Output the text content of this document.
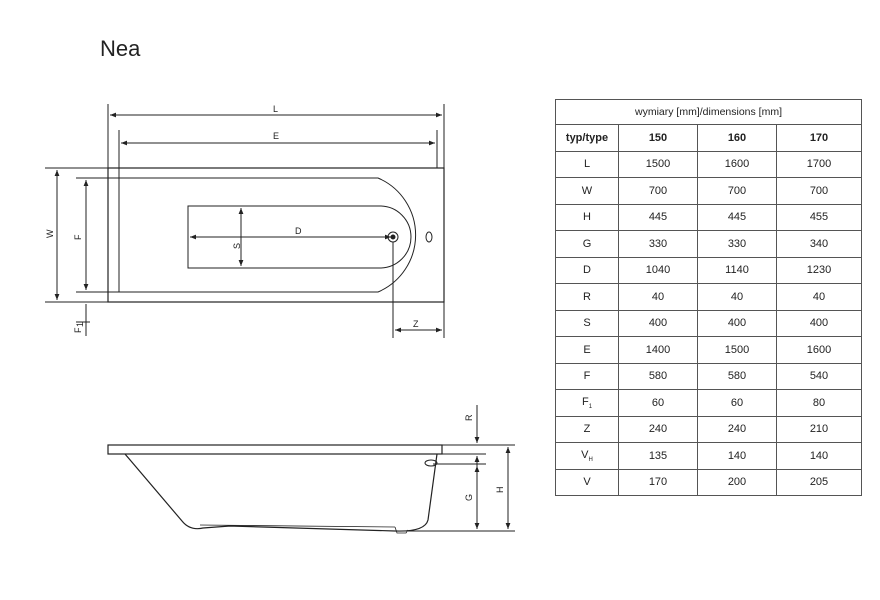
Nea
L
E
W F
F
1
S
D
Z
R
G
H
wymiary [mm]/dimensions [mm]			
typ/type	150	160	170
L	1500	1600	1700
W	700	700	700
H	445	445	455
G	330	330	340
D	1040	1140	1230
R	40	40	40
S	400	400	400
E	1400	1500	1600
F	580	580	540
$F_1$	60	60	80
Z	240	240	210
$V_H$	135	140	140
V	170	200	205
